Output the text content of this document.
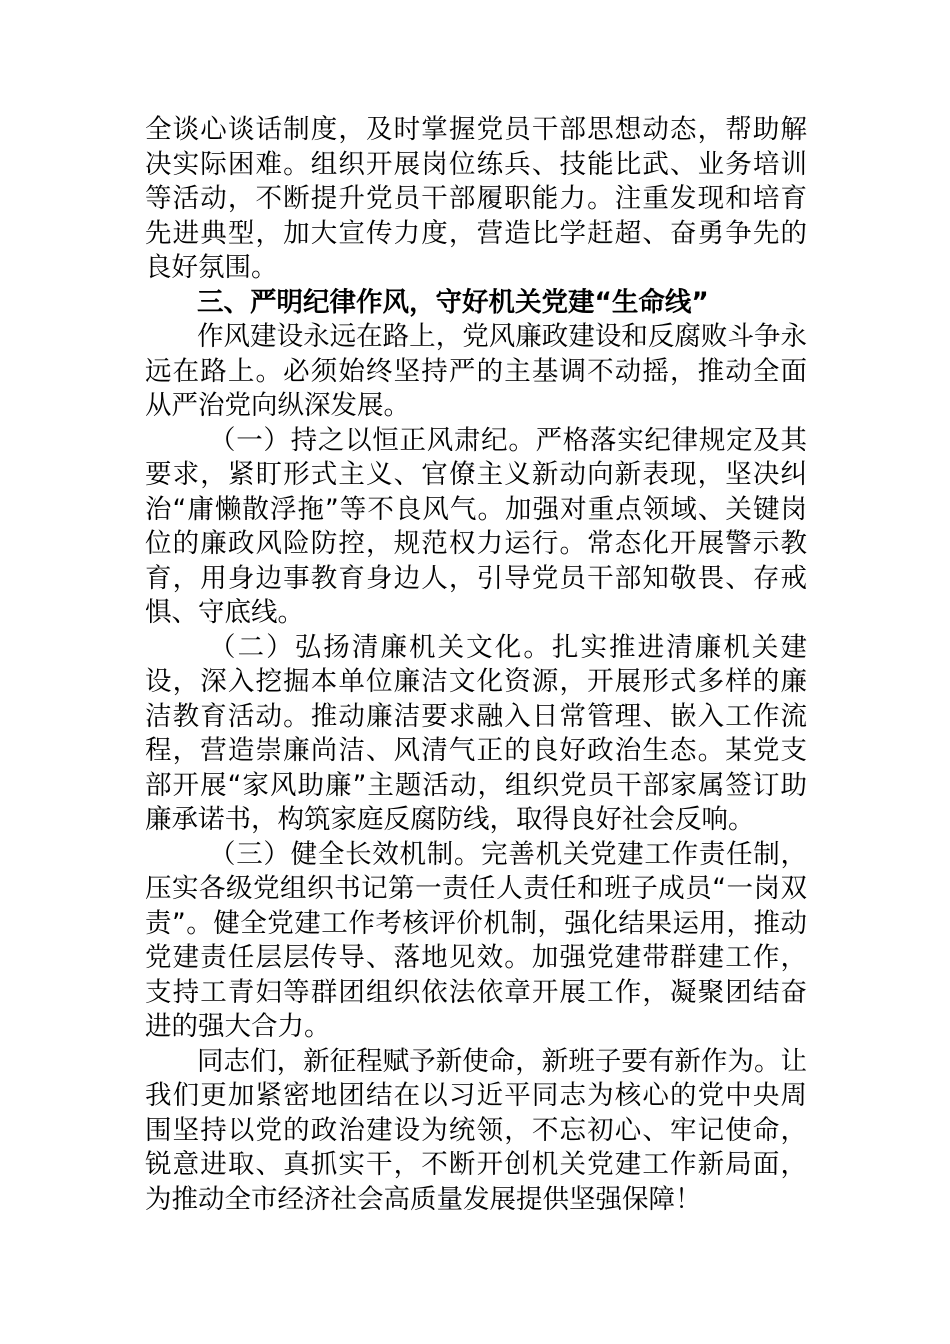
全谈心谈话制度，及时掌握党员干部思想动态，帮助解决实际困难。组织开展岗位练兵、技能比武、业务培训等活动，不断提升党员干部履职能力。注重发现和培育先进典型，加大宣传力度，营造比学赶超、奋勇争先的良好氛围。

三、严明纪律作风，守好机关党建“生命线”

作风建设永远在路上，党风廉政建设和反腐败斗争永远在路上。必须始终坚持严的主基调不动摇，推动全面从严治党向纵深发展。

（一）持之以恒正风肃纪。严格落实纪律规定及其要求，紧盯形式主义、官僚主义新动向新表现，坚决纠治“庸懒散浮拖”等不良风气。加强对重点领域、关键岗位的廉政风险防控，规范权力运行。常态化开展警示教育，用身边事教育身边人，引导党员干部知敬畏、存戒惧、守底线。

（二）弘扬清廉机关文化。扎实推进清廉机关建设，深入挖掘本单位廉洁文化资源，开展形式多样的廉洁教育活动。推动廉洁要求融入日常管理、嵌入工作流程，营造崇廉尚洁、风清气正的良好政治生态。某党支部开展“家风助廉”主题活动，组织党员干部家属签订助廉承诺书，构筑家庭反腐防线，取得良好社会反响。

（三）健全长效机制。完善机关党建工作责任制，压实各级党组织书记第一责任人责任和班子成员“一岗双责”。健全党建工作考核评价机制，强化结果运用，推动党建责任层层传导、落地见效。加强党建带群建工作，支持工青妇等群团组织依法依章开展工作，凝聚团结奋进的强大合力。

同志们，新征程赋予新使命，新班子要有新作为。让我们更加紧密地团结在以习近平同志为核心的党中央周围坚持以党的政治建设为统领，不忘初心、牢记使命，锐意进取、真抓实干，不断开创机关党建工作新局面，为推动全市经济社会高质量发展提供坚强保障！
